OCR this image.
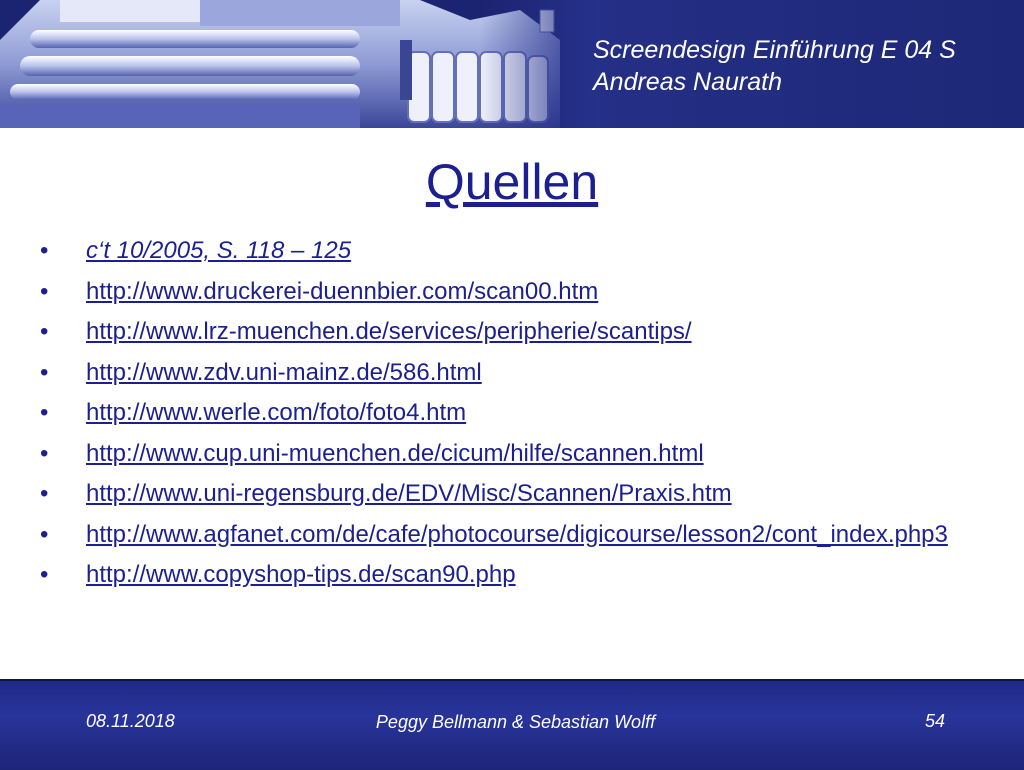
Screendesign Einführung E 04 S
Andreas Naurath
Quellen
• c‘t 10/2005, S. 118 – 125
• http://www.druckerei-duennbier.com/scan00.htm
• http://www.lrz-muenchen.de/services/peripherie/scantips/
• http://www.zdv.uni-mainz.de/586.html
• http://www.werle.com/foto/foto4.htm
• http://www.cup.uni-muenchen.de/cicum/hilfe/scannen.html
• http://www.uni-regensburg.de/EDV/Misc/Scannen/Praxis.htm
• http://www.agfanet.com/de/cafe/photocourse/digicourse/lesson2/cont_index.php3
• http://www.copyshop-tips.de/scan90.php
08.11.2018	Peggy Bellmann & Sebastian Wolff	54
